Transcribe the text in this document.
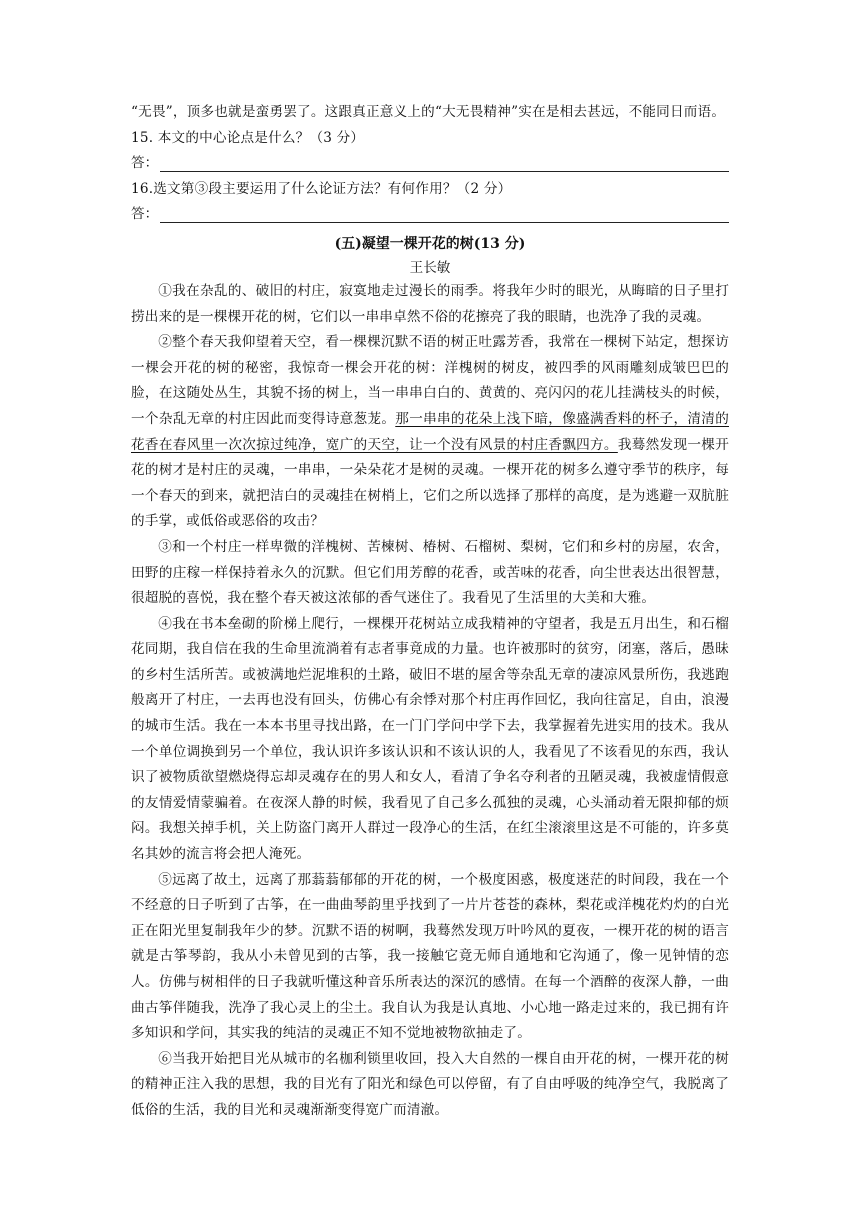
“无畏”，顶多也就是蛮勇罢了。这跟真正意义上的“大无畏精神”实在是相去甚远，不能同日而语。

15. 本文的中心论点是什么？（3 分）

答：

16.选文第③段主要运用了什么论证方法？有何作用？（2 分）

答：
(五)凝望一棵开花的树(13 分)
王长敏

①我在杂乱的、破旧的村庄，寂寞地走过漫长的雨季。将我年少时的眼光，从晦暗的日子里打捞出来的是一棵棵开花的树，它们以一串串卓然不俗的花擦亮了我的眼睛，也洗净了我的灵魂。

②整个春天我仰望着天空，看一棵棵沉默不语的树正吐露芳香，我常在一棵树下站定，想探访一棵会开花的树的秘密，我惊奇一棵会开花的树：洋槐树的树皮，被四季的风雨雕刻成皱巴巴的脸，在这随处丛生，其貌不扬的树上，当一串串白白的、黄黄的、亮闪闪的花儿挂满枝头的时候，一个杂乱无章的村庄因此而变得诗意葱茏。那一串串的花朵上浅下暗，像盛满香料的杯子，清清的花香在春风里一次次掠过纯净，宽广的天空，让一个没有风景的村庄香飘四方。我蓦然发现一棵开花的树才是村庄的灵魂，一串串，一朵朵花才是树的灵魂。一棵开花的树多么遵守季节的秩序，每一个春天的到来，就把洁白的灵魂挂在树梢上，它们之所以选择了那样的高度，是为逃避一双肮脏的手掌，或低俗或恶俗的攻击？

③和一个村庄一样卑微的洋槐树、苦楝树、椿树、石榴树、梨树，它们和乡村的房屋，农舍，田野的庄稼一样保持着永久的沉默。但它们用芳醇的花香，或苦味的花香，向尘世表达出很智慧，很超脱的喜悦，我在整个春天被这浓郁的香气迷住了。我看见了生活里的大美和大雅。

④我在书本垒砌的阶梯上爬行，一棵棵开花树站立成我精神的守望者，我是五月出生，和石榴花同期，我自信在我的生命里流淌着有志者事竟成的力量。也许被那时的贫穷，闭塞，落后，愚昧的乡村生活所苦。或被满地烂泥堆积的土路，破旧不堪的屋舍等杂乱无章的凄凉风景所伤，我逃跑般离开了村庄，一去再也没有回头，仿佛心有余悸对那个村庄再作回忆，我向往富足，自由，浪漫的城市生活。我在一本本书里寻找出路，在一门门学问中学下去，我掌握着先进实用的技术。我从一个单位调换到另一个单位，我认识许多该认识和不该认识的人，我看见了不该看见的东西，我认识了被物质欲望燃烧得忘却灵魂存在的男人和女人，看清了争名夺利者的丑陋灵魂，我被虚情假意的友情爱情蒙骗着。在夜深人静的时候，我看见了自己多么孤独的灵魂，心头涌动着无限抑郁的烦闷。我想关掉手机，关上防盗门离开人群过一段净心的生活，在红尘滚滚里这是不可能的，许多莫名其妙的流言将会把人淹死。

⑤远离了故土，远离了那蓊蓊郁郁的开花的树，一个极度困惑，极度迷茫的时间段，我在一个不经意的日子听到了古筝，在一曲曲琴韵里乎找到了一片片苍苍的森林，梨花或洋槐花灼灼的白光正在阳光里复制我年少的梦。沉默不语的树啊，我蓦然发现万叶吟风的夏夜，一棵开花的树的语言就是古筝琴韵，我从小未曾见到的古筝，我一接触它竟无师自通地和它沟通了，像一见钟情的恋人。仿佛与树相伴的日子我就听懂这种音乐所表达的深沉的感情。在每一个酒醉的夜深人静，一曲曲古筝伴随我，洗净了我心灵上的尘土。我自认为我是认真地、小心地一路走过来的，我已拥有许多知识和学问，其实我的纯洁的灵魂正不知不觉地被物欲抽走了。

⑥当我开始把目光从城市的名枷利锁里收回，投入大自然的一棵自由开花的树，一棵开花的树的精神正注入我的思想，我的目光有了阳光和绿色可以停留，有了自由呼吸的纯净空气，我脱离了低俗的生活，我的目光和灵魂渐渐变得宽广而清澈。
